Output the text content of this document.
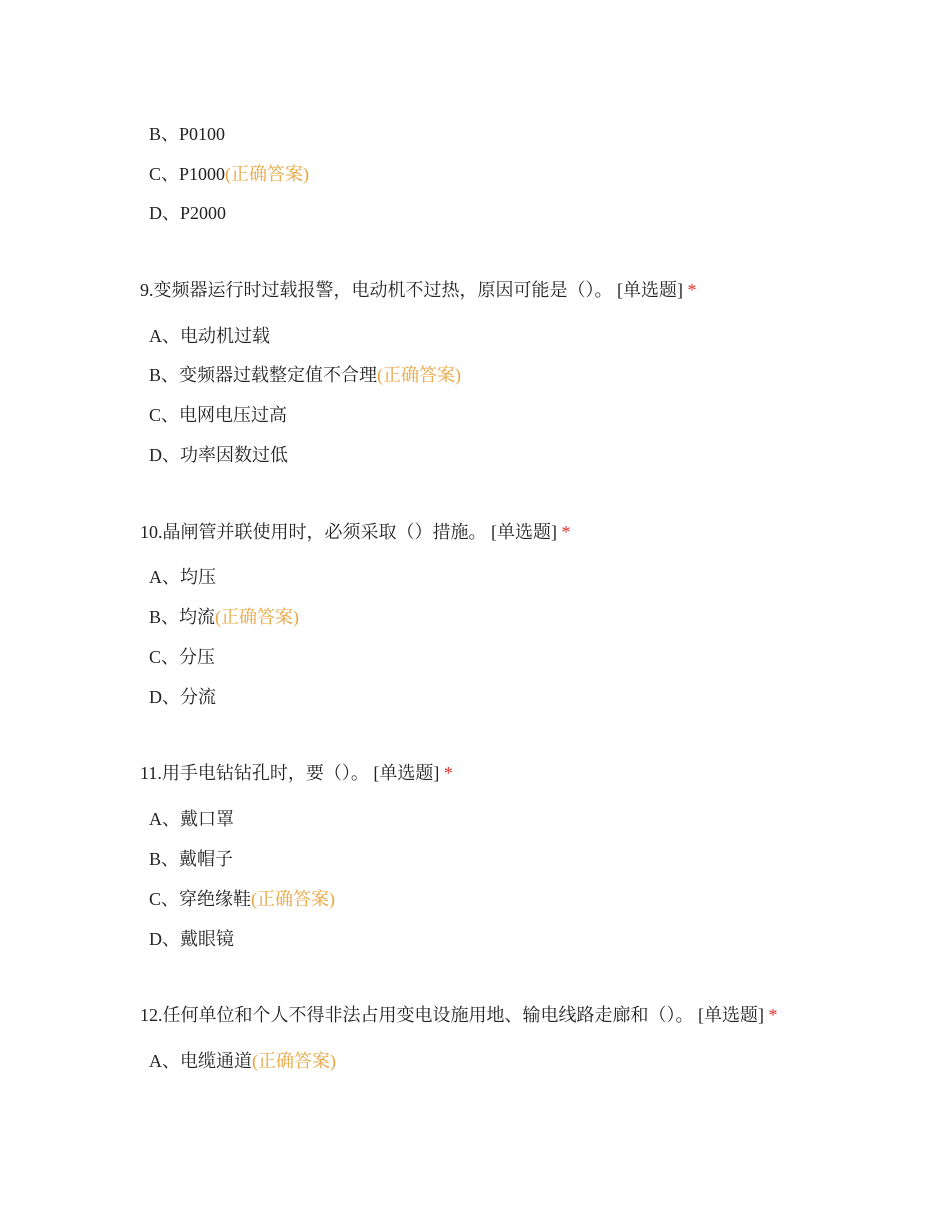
B、P0100
C、P1000(正确答案)
D、P2000
9.变频器运行时过载报警，电动机不过热，原因可能是（）。 [单选题] *
A、电动机过载
B、变频器过载整定值不合理(正确答案)
C、电网电压过高
D、功率因数过低
10.晶闸管并联使用时，必须采取（）措施。 [单选题] *
A、均压
B、均流(正确答案)
C、分压
D、分流
11.用手电钻钻孔时，要（）。 [单选题] *
A、戴口罩
B、戴帽子
C、穿绝缘鞋(正确答案)
D、戴眼镜
12.任何单位和个人不得非法占用变电设施用地、输电线路走廊和（）。 [单选题] *
A、电缆通道(正确答案)
